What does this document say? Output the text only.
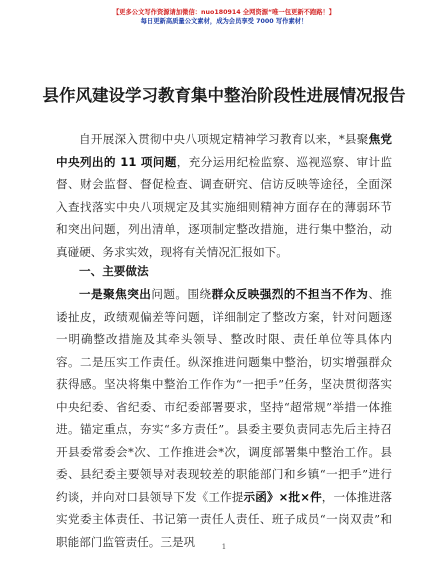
【更多公文写作资源请加微信：nuo180914 全网资源“唯一包更新不跑路！】
每日更新高质量公文素材，成为会员享受 7000 写作素材！
县作风建设学习教育集中整治阶段性进展情况报告

自开展深入贯彻中央八项规定精神学习教育以来，*县聚焦党中央列出的 11 项问题，充分运用纪检监察、巡视巡察、审计监督、财会监督、督促检查、调查研究、信访反映等途径，全面深入查找落实中央八项规定及其实施细则精神方面存在的薄弱环节和突出问题，列出清单，逐项制定整改措施，进行集中整治，动真碰硬、务求实效，现将有关情况汇报如下。

一、主要做法

一是聚焦突出问题。围绕群众反映强烈的不担当不作为、推诿扯皮，政绩观偏差等问题，详细制定了整改方案，针对问题逐一明确整改措施及其牵头领导、整改时限、责任单位等具体内容。二是压实工作责任。纵深推进问题集中整治，切实增强群众获得感。坚决将集中整治工作作为“一把手”任务，坚决贯彻落实中央纪委、省纪委、市纪委部署要求，坚持“超常规”举措一体推进。锚定重点，夯实“多方责任”。县委主要负责同志先后主持召开县委常委会*次、工作推进会*次，调度部署集中整治工作。县委、县纪委主要领导对表现较差的职能部门和乡镇“一把手”进行约谈，并向对口县领导下发《工作提示函》×批×件，一体推进落实党委主体责任、书记第一责任人责任、班子成员“一岗双责”和职能部门监管责任。三是巩	1
